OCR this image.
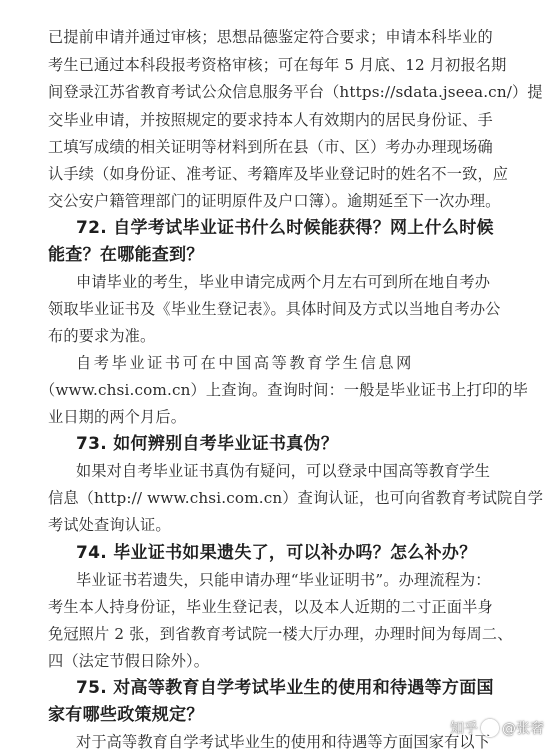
已提前申请并通过审核；思想品德鉴定符合要求；申请本科毕业的
考生已通过本科段报考资格审核；可在每年 5 月底、12 月初报名期
间登录江苏省教育考试公众信息服务平台（https://sdata.jseea.cn/）提
交毕业申请，并按照规定的要求持本人有效期内的居民身份证、手
工填写成绩的相关证明等材料到所在县（市、区）考办办理现场确
认手续（如身份证、准考证、考籍库及毕业登记时的姓名不一致，应
交公安户籍管理部门的证明原件及户口簿）。逾期延至下一次办理。
72. 自学考试毕业证书什么时候能获得？网上什么时候
能查？在哪能查到？
申请毕业的考生，毕业申请完成两个月左右可到所在地自考办
领取毕业证书及《毕业生登记表》。具体时间及方式以当地自考办公
布的要求为准。
自考毕业证书可在中国高等教育学生信息网
（www.chsi.com.cn）上查询。查询时间：一般是毕业证书上打印的毕
业日期的两个月后。
73. 如何辨别自考毕业证书真伪？
如果对自考毕业证书真伪有疑问，可以登录中国高等教育学生
信息（http:// www.chsi.com.cn）查询认证，也可向省教育考试院自学
考试处查询认证。
74. 毕业证书如果遗失了，可以补办吗？怎么补办？
毕业证书若遗失，只能申请办理“毕业证明书”。办理流程为：
考生本人持身份证，毕业生登记表，以及本人近期的二寸正面半身
免冠照片 2 张，到省教育考试院一楼大厅办理，办理时间为每周二、
四（法定节假日除外）。
75. 对高等教育自学考试毕业生的使用和待遇等方面国
家有哪些政策规定？
对于高等教育自学考试毕业生的使用和待遇等方面国家有以下
知乎 @张奢
